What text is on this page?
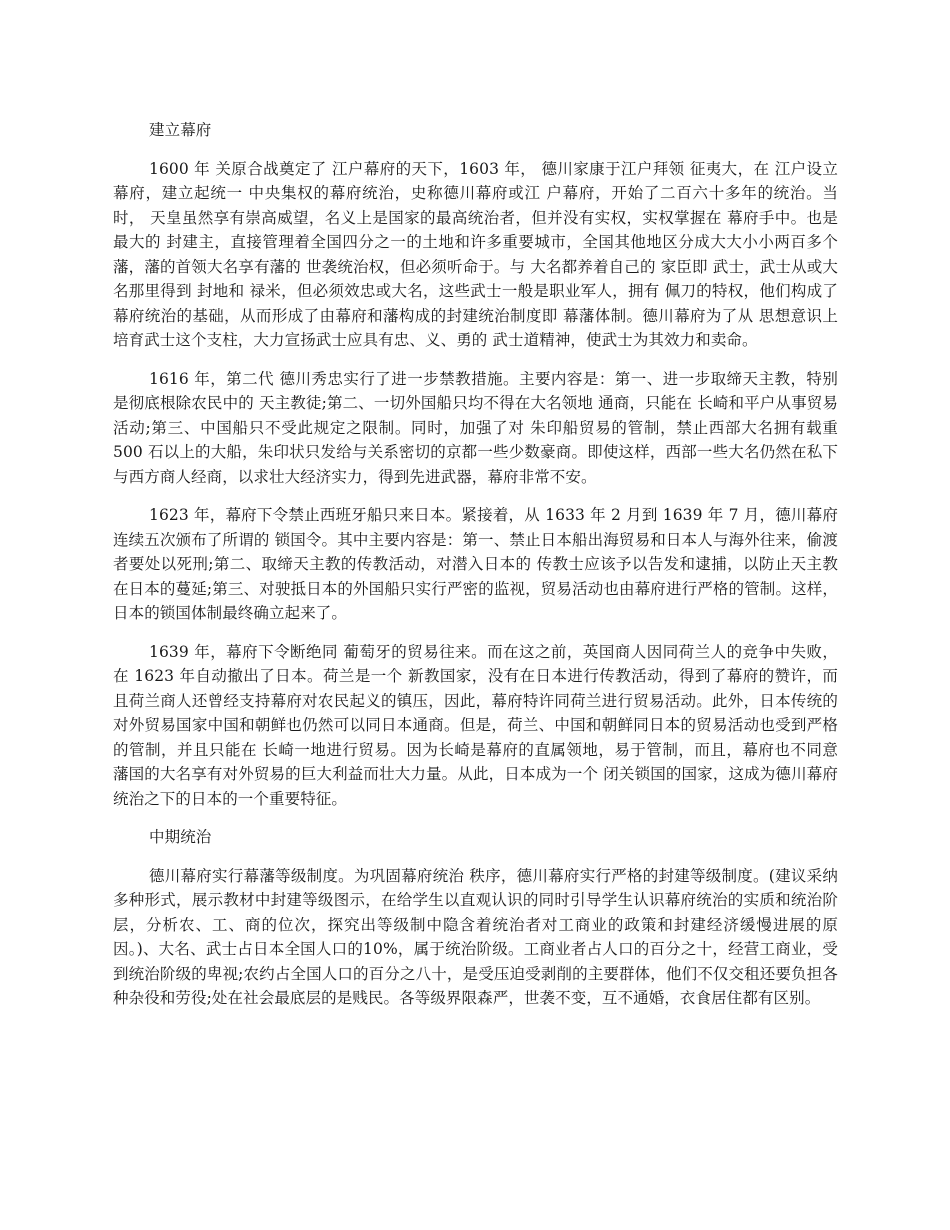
建立幕府

1600 年 关原合战奠定了 江户幕府的天下，1603 年， 德川家康于江户拜领 征夷大，在 江户设立 幕府，建立起统一 中央集权的幕府统治，史称德川幕府或江 户幕府，开始了二百六十多年的统治。当时， 天皇虽然享有崇高威望，名义上是国家的最高统治者，但并没有实权，实权掌握在 幕府手中。也是最大的 封建主，直接管理着全国四分之一的土地和许多重要城市，全国其他地区分成大大小小两百多个 藩，藩的首领大名享有藩的 世袭统治权，但必须听命于。与 大名都养着自己的 家臣即 武士，武士从或大名那里得到 封地和 禄米，但必须效忠或大名，这些武士一般是职业军人，拥有 佩刀的特权，他们构成了幕府统治的基础，从而形成了由幕府和藩构成的封建统治制度即 幕藩体制。德川幕府为了从 思想意识上培育武士这个支柱，大力宣扬武士应具有忠、义、勇的 武士道精神，使武士为其效力和卖命。

1616 年，第二代 德川秀忠实行了进一步禁教措施。主要内容是：第一、进一步取缔天主教，特别是彻底根除农民中的 天主教徒;第二、一切外国船只均不得在大名领地 通商，只能在 长崎和平户从事贸易活动;第三、中国船只不受此规定之限制。同时，加强了对 朱印船贸易的管制，禁止西部大名拥有载重 500 石以上的大船，朱印状只发给与关系密切的京都一些少数豪商。即使这样，西部一些大名仍然在私下与西方商人经商，以求壮大经济实力，得到先进武器，幕府非常不安。

1623 年，幕府下令禁止西班牙船只来日本。紧接着，从 1633 年 2 月到 1639 年 7 月，德川幕府连续五次颁布了所谓的 锁国令。其中主要内容是：第一、禁止日本船出海贸易和日本人与海外往来，偷渡者要处以死刑;第二、取缔天主教的传教活动，对潜入日本的 传教士应该予以告发和逮捕，以防止天主教在日本的蔓延;第三、对驶抵日本的外国船只实行严密的监视，贸易活动也由幕府进行严格的管制。这样，日本的锁国体制最终确立起来了。

1639 年，幕府下令断绝同 葡萄牙的贸易往来。而在这之前，英国商人因同荷兰人的竞争中失败，在 1623 年自动撤出了日本。荷兰是一个 新教国家，没有在日本进行传教活动，得到了幕府的赞许，而且荷兰商人还曾经支持幕府对农民起义的镇压，因此，幕府特许同荷兰进行贸易活动。此外，日本传统的对外贸易国家中国和朝鲜也仍然可以同日本通商。但是，荷兰、中国和朝鲜同日本的贸易活动也受到严格的管制，并且只能在 长崎一地进行贸易。因为长崎是幕府的直属领地，易于管制，而且，幕府也不同意 藩国的大名享有对外贸易的巨大利益而壮大力量。从此，日本成为一个 闭关锁国的国家，这成为德川幕府统治之下的日本的一个重要特征。

中期统治

德川幕府实行幕藩等级制度。为巩固幕府统治 秩序，德川幕府实行严格的封建等级制度。(建议采纳多种形式，展示教材中封建等级图示，在给学生以直观认识的同时引导学生认识幕府统治的实质和统治阶层，分析农、工、商的位次，探究出等级制中隐含着统治者对工商业的政策和封建经济缓慢进展的原因。)、大名、武士占日本全国人口的10%，属于统治阶级。工商业者占人口的百分之十，经营工商业，受到统治阶级的卑视;农约占全国人口的百分之八十，是受压迫受剥削的主要群体，他们不仅交租还要负担各种杂役和劳役;处在社会最底层的是贱民。各等级界限森严，世袭不变，互不通婚，衣食居住都有区别。
